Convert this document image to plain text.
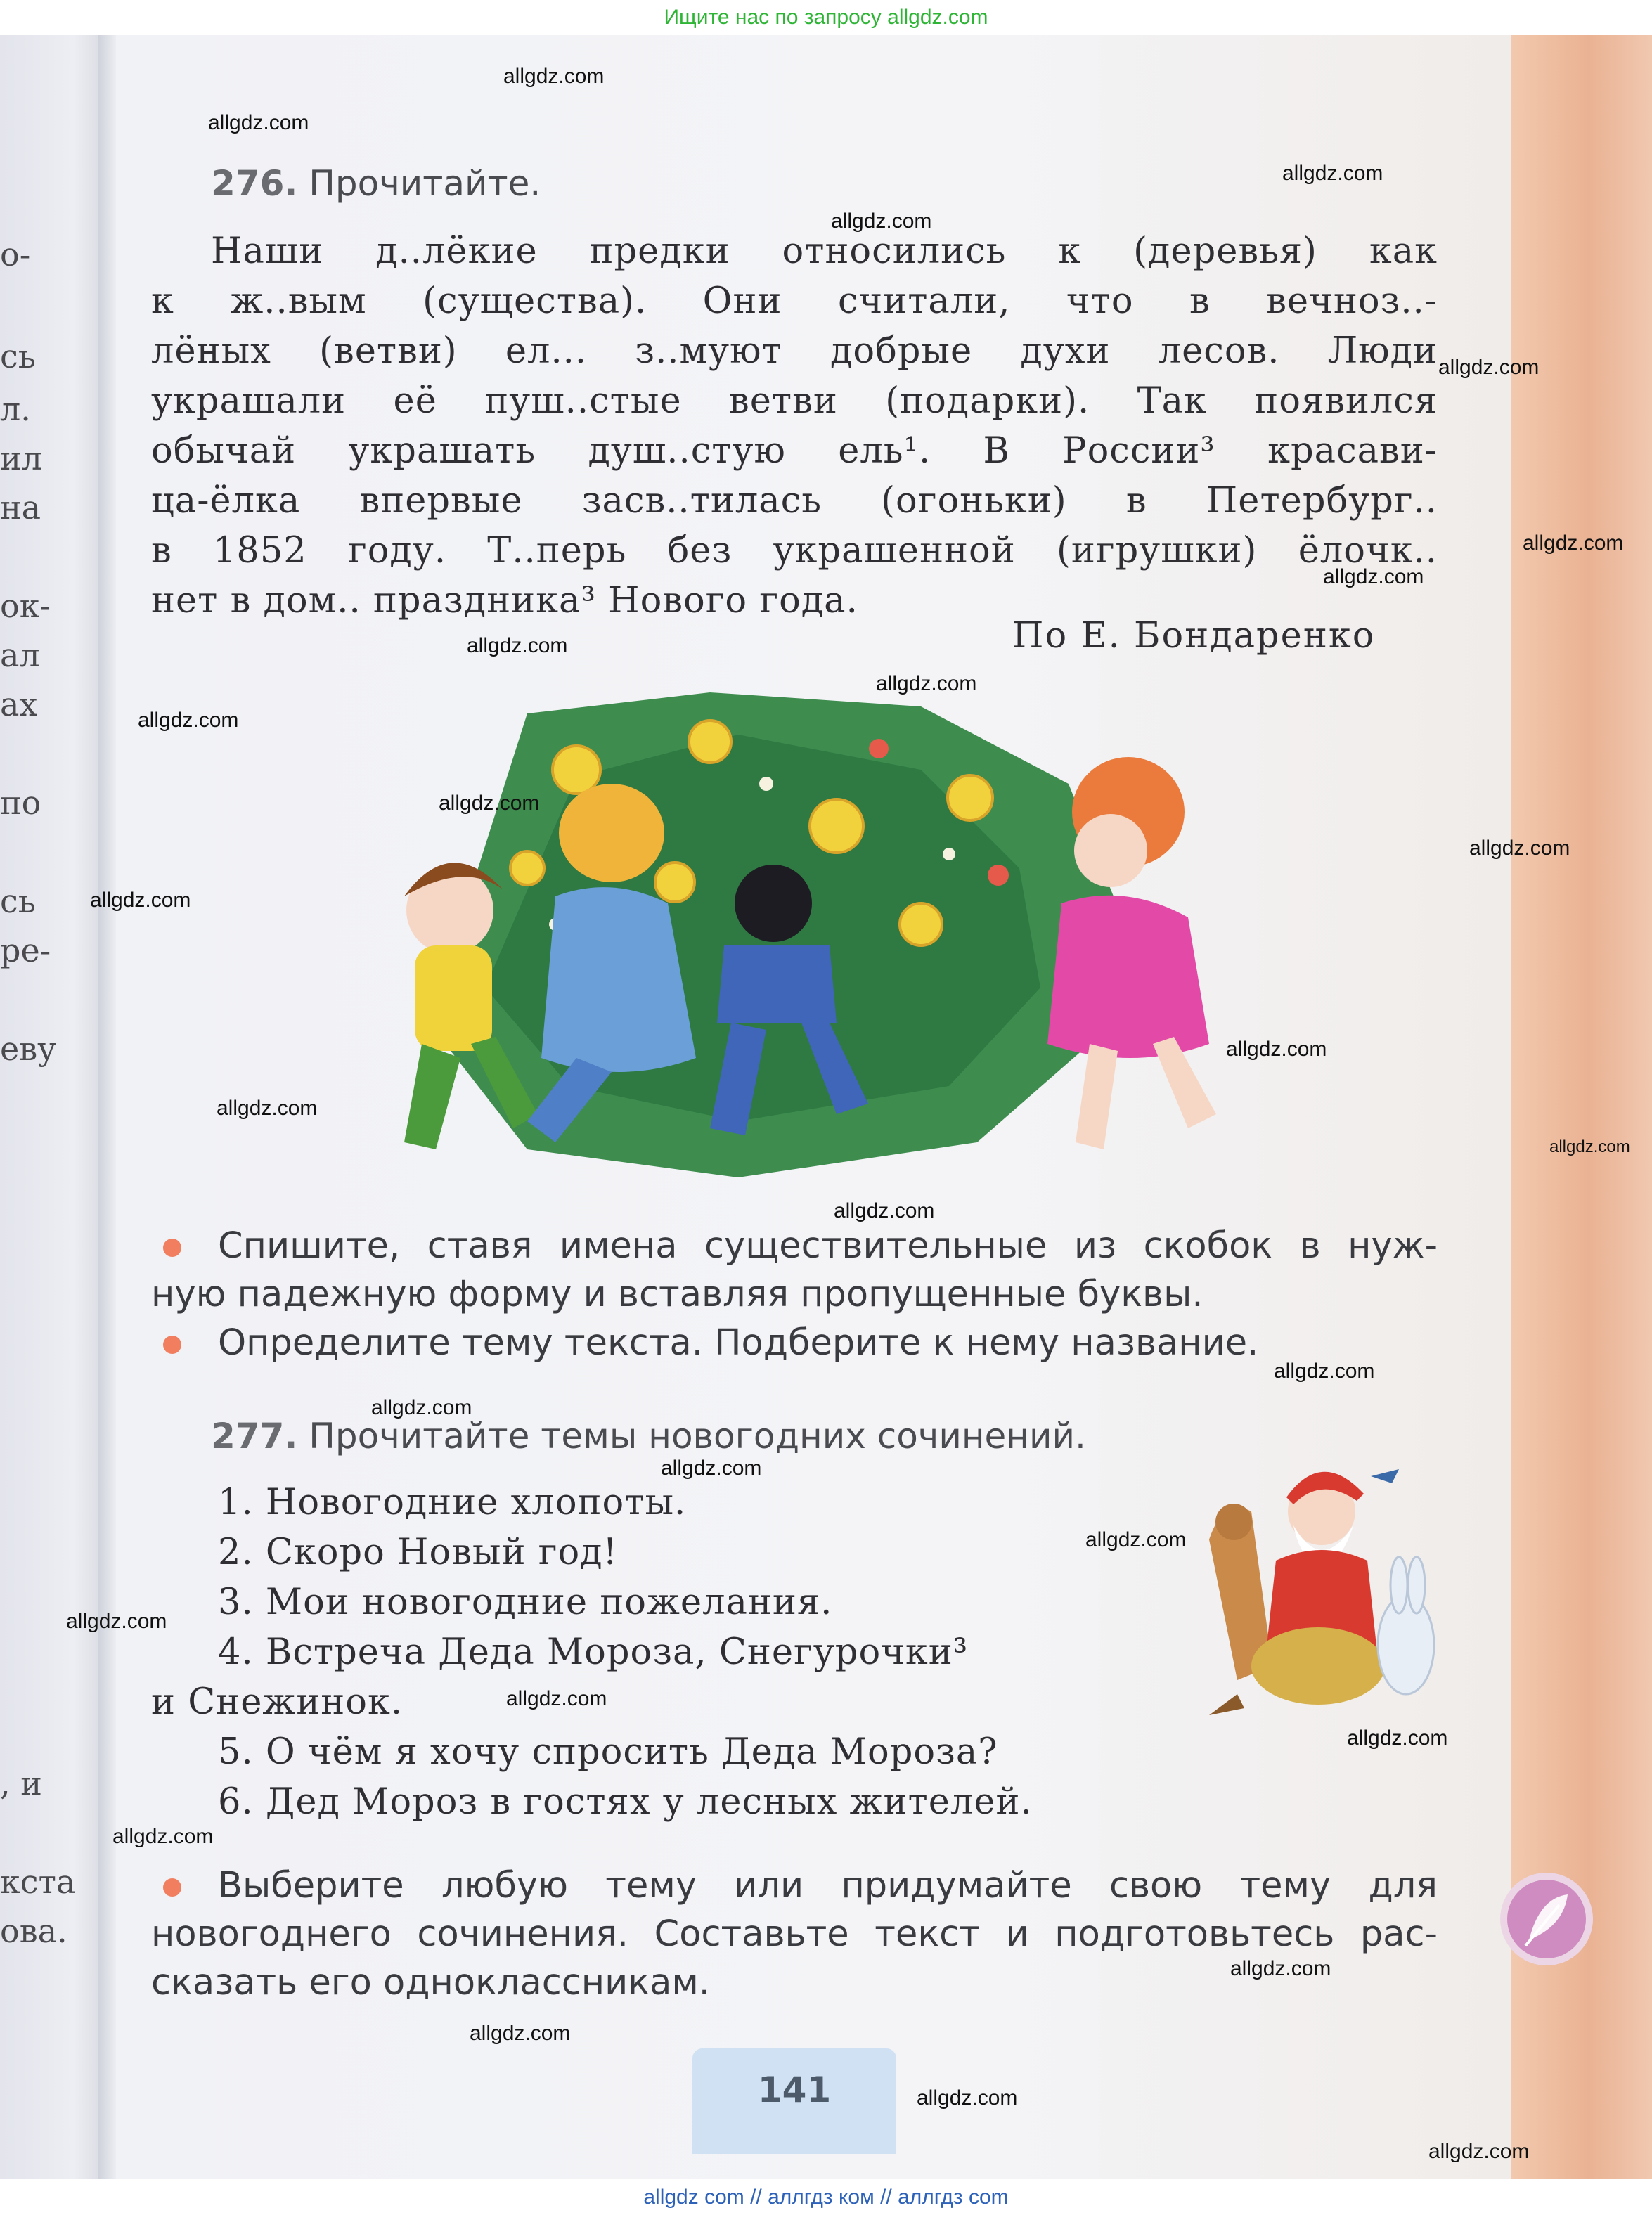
Ищите нас по запросу allgdz.com
о-
сь
л.
ил
на
ок-
ал
ах
по
сь
ре-
еву
, и
кста
ова.
276. Прочитайте.
Наши д..лёкие предки относились к (деревья) как
к ж..вым (существа). Они считали, что в вечноз..-
лёных (ветви) ел... з..муют добрые духи лесов. Люди
украшали её пуш..стые ветви (подарки). Так появился
обычай украшать душ..стую ель¹. В России³ красави-
ца-ёлка впервые засв..тилась (огоньки) в Петербург..
в 1852 году. Т..перь без украшенной (игрушки) ёлочк..
нет в дом.. праздника³ Нового года.
По Е. Бондаренко
Спишите, ставя имена существительные из скобок в нуж-
ную падежную форму и вставляя пропущенные буквы.
Определите тему текста. Подберите к нему название.
277. Прочитайте темы новогодних сочинений.
1. Новогодние хлопоты.
2. Скоро Новый год!
3. Мои новогодние пожелания.
4. Встреча Деда Мороза, Снегурочки³
и Снежинок.
5. О чём я хочу спросить Деда Мороза?
6. Дед Мороз в гостях у лесных жителей.
Выберите любую тему или придумайте свою тему для
новогоднего сочинения. Составьте текст и подготовьтесь рас-
сказать его одноклассникам.
141
allgdz.com
allgdz.com
allgdz.com
allgdz.com
allgdz.com
allgdz.com
allgdz.com
allgdz.com
allgdz.com
allgdz.com
allgdz.com
allgdz.com
allgdz.com
allgdz.com
allgdz.com
allgdz.com
allgdz.com
allgdz.com
allgdz.com
allgdz.com
allgdz.com
allgdz.com
allgdz.com
allgdz.com
allgdz.com
allgdz.com
allgdz.com
allgdz.com
allgdz.com
allgdz com // аллгдз ком // аллгдз com
